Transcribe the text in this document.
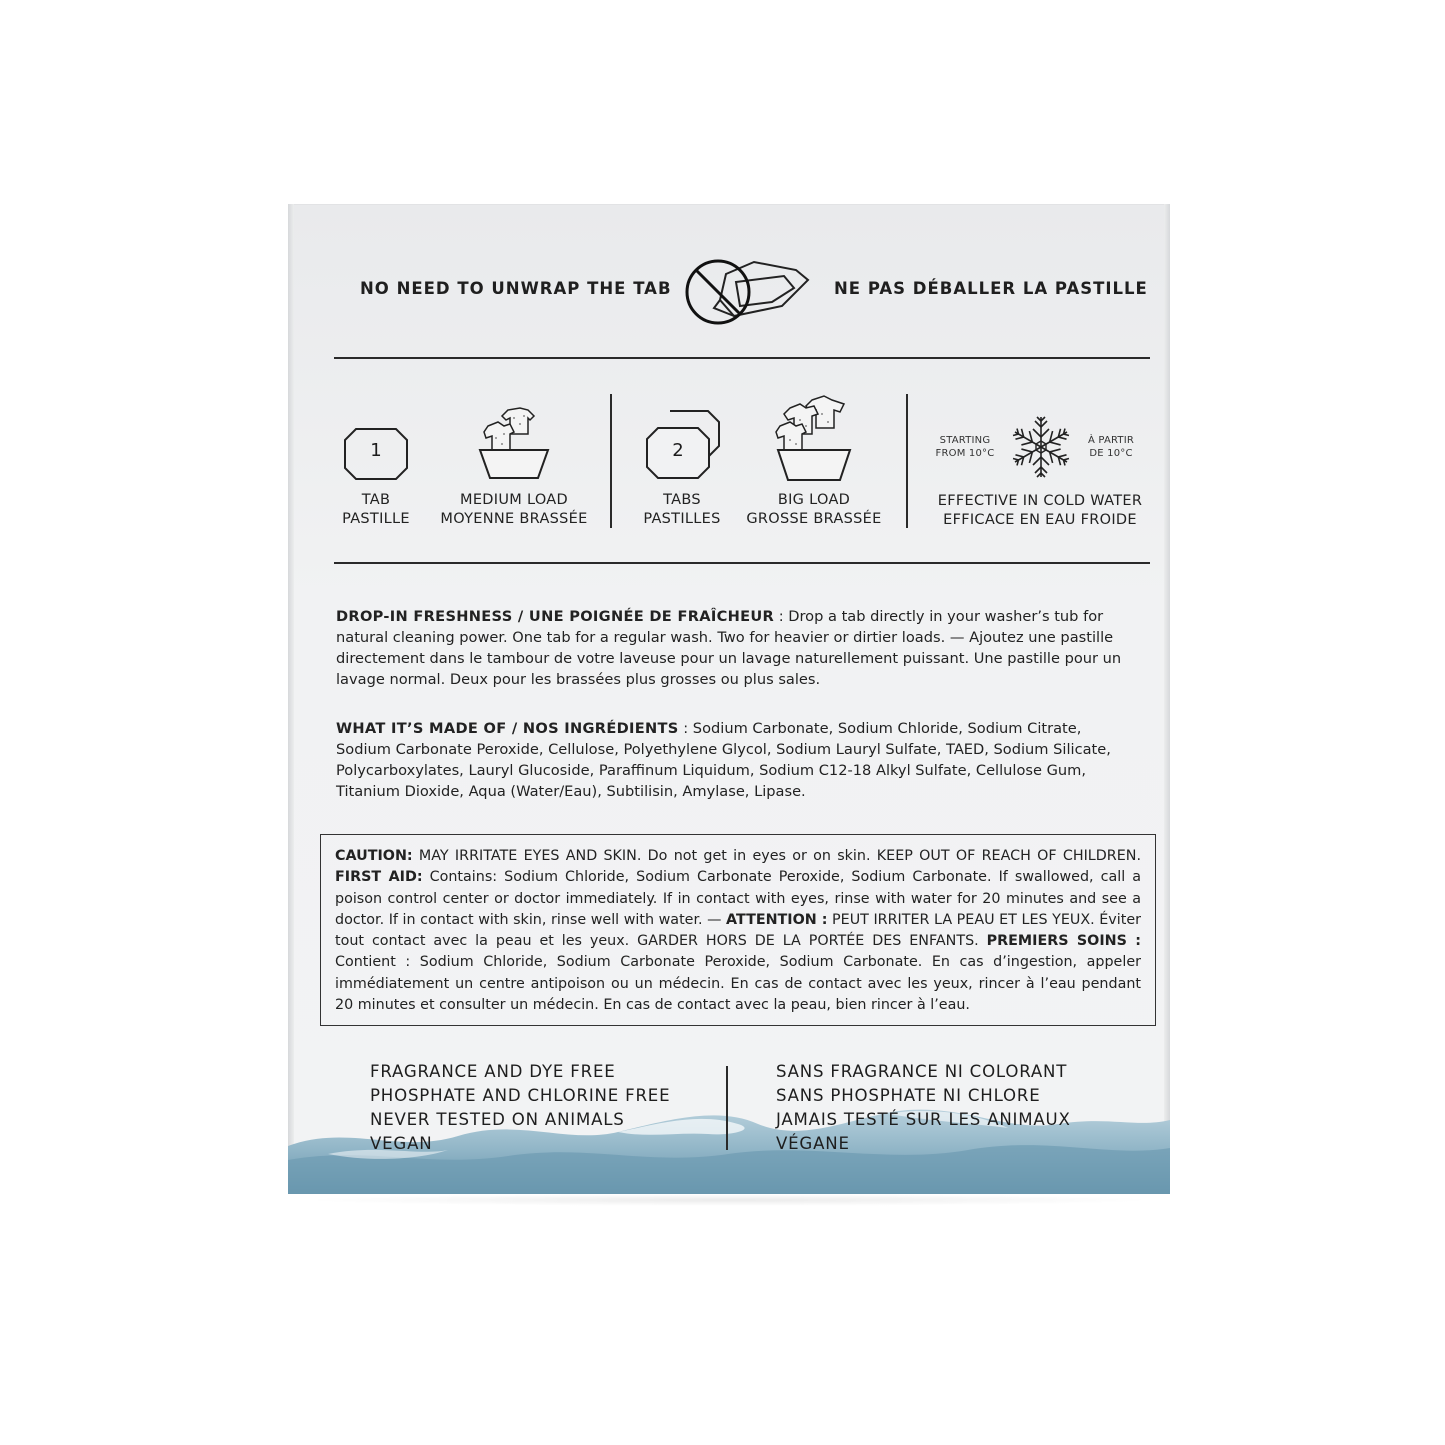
NO NEED TO UNWRAP THE TAB	NE PAS DÉBALLER LA PASTILLE
1
TAB
PASTILLE
MEDIUM LOAD
MOYENNE BRASSÉE
2
TABS
PASTILLES
BIG LOAD
GROSSE BRASSÉE
STARTING
FROM 10°C
À PARTIR
DE 10°C
EFFECTIVE IN COLD WATER
EFFICACE EN EAU FROIDE
DROP-IN FRESHNESS / UNE POIGNÉE DE FRAÎCHEUR : Drop a tab directly in your washer’s tub for natural cleaning power. One tab for a regular wash. Two for heavier or dirtier loads. — Ajoutez une pastille directement dans le tambour de votre laveuse pour un lavage naturellement puissant. Une pastille pour un lavage normal. Deux pour les brassées plus grosses ou plus sales.
WHAT IT’S MADE OF / NOS INGRÉDIENTS : Sodium Carbonate, Sodium Chloride, Sodium Citrate, Sodium Carbonate Peroxide, Cellulose, Polyethylene Glycol, Sodium Lauryl Sulfate, TAED, Sodium Silicate, Polycarboxylates, Lauryl Glucoside, Paraffinum Liquidum, Sodium C12-18 Alkyl Sulfate, Cellulose Gum, Titanium Dioxide, Aqua (Water/Eau), Subtilisin, Amylase, Lipase.
CAUTION: MAY IRRITATE EYES AND SKIN. Do not get in eyes or on skin. KEEP OUT OF REACH OF CHILDREN. FIRST AID: Contains: Sodium Chloride, Sodium Carbonate Peroxide, Sodium Carbonate. If swallowed, call a poison control center or doctor immediately. If in contact with eyes, rinse with water for 20 minutes and see a doctor. If in contact with skin, rinse well with water. — ATTENTION : PEUT IRRITER LA PEAU ET LES YEUX. Éviter tout contact avec la peau et les yeux. GARDER HORS DE LA PORTÉE DES ENFANTS. PREMIERS SOINS : Contient : Sodium Chloride, Sodium Carbonate Peroxide, Sodium Carbonate. En cas d’ingestion, appeler immédiatement un centre antipoison ou un médecin. En cas de contact avec les yeux, rincer à l’eau pendant 20 minutes et consulter un médecin. En cas de contact avec la peau, bien rincer à l’eau.
FRAGRANCE AND DYE FREE
PHOSPHATE AND CHLORINE FREE
NEVER TESTED ON ANIMALS
VEGAN
SANS FRAGRANCE NI COLORANT
SANS PHOSPHATE NI CHLORE
JAMAIS TESTÉ SUR LES ANIMAUX
VÉGANE
